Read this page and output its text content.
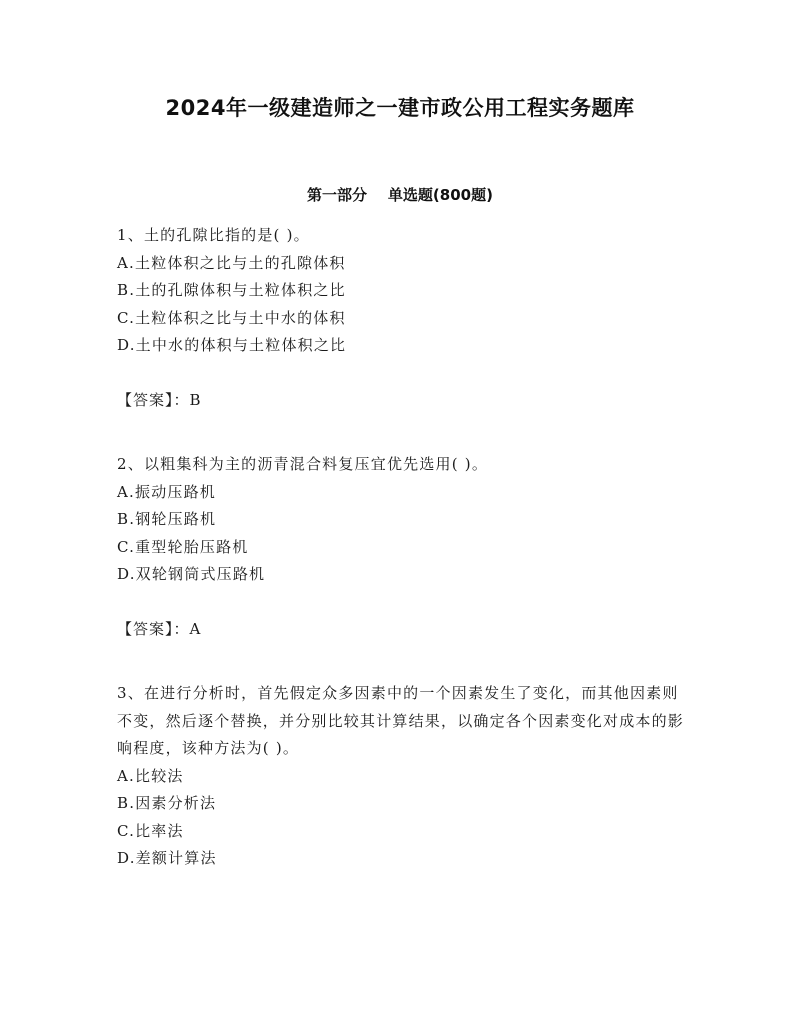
2024年一级建造师之一建市政公用工程实务题库
第一部分    单选题(800题)

1、土的孔隙比指的是( )。

A.土粒体积之比与土的孔隙体积

B.土的孔隙体积与土粒体积之比

C.土粒体积之比与土中水的体积

D.土中水的体积与土粒体积之比

【答案】：B

2、以粗集科为主的沥青混合料复压宜优先选用( )。

A.振动压路机

B.钢轮压路机

C.重型轮胎压路机

D.双轮钢筒式压路机

【答案】：A

3、在进行分析时，首先假定众多因素中的一个因素发生了变化，而其他因素则不变，然后逐个替换，并分别比较其计算结果，以确定各个因素变化对成本的影响程度，该种方法为( )。

A.比较法

B.因素分析法

C.比率法

D.差额计算法
